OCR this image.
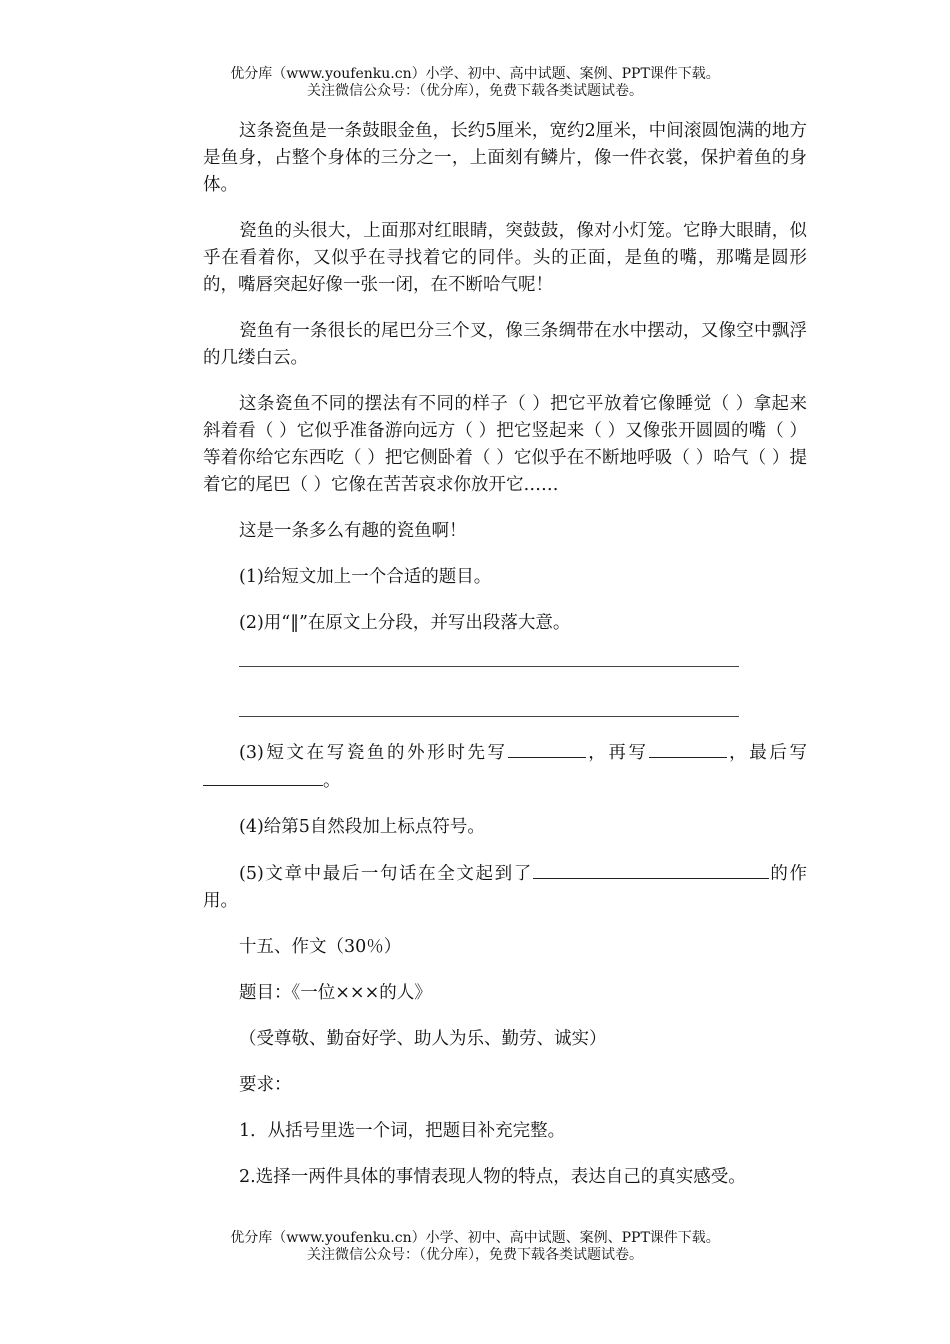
优分库（www.youfenku.cn）小学、初中、高中试题、案例、PPT课件下载。
关注微信公众号：（优分库），免费下载各类试题试卷。

这条瓷鱼是一条鼓眼金鱼，长约5厘米，宽约2厘米，中间滚圆饱满的地方是鱼身，占整个身体的三分之一，上面刻有鳞片，像一件衣裳，保护着鱼的身体。

瓷鱼的头很大，上面那对红眼睛，突鼓鼓，像对小灯笼。它睁大眼睛，似乎在看着你，又似乎在寻找着它的同伴。头的正面，是鱼的嘴，那嘴是圆形的，嘴唇突起好像一张一闭，在不断哈气呢！

瓷鱼有一条很长的尾巴分三个叉，像三条绸带在水中摆动，又像空中飘浮的几缕白云。

这条瓷鱼不同的摆法有不同的样子（ ）把它平放着它像睡觉（ ）拿起来斜着看（ ）它似乎准备游向远方（ ）把它竖起来（ ）又像张开圆圆的嘴（ ）等着你给它东西吃（ ）把它侧卧着（ ）它似乎在不断地呼吸（ ）哈气（ ）提着它的尾巴（ ）它像在苦苦哀求你放开它……

这是一条多么有趣的瓷鱼啊！

(1)给短文加上一个合适的题目。

(2)用“‖”在原文上分段，并写出段落大意。

(3)短文在写瓷鱼的外形时先写	，再写	，最后写。

(4)给第5自然段加上标点符号。

(5)文章中最后一句话在全文起到了	的作用。

十五、作文（30％）

题目：《一位×××的人》

（受尊敬、勤奋好学、助人为乐、勤劳、诚实）

要求：

1．从括号里选一个词，把题目补充完整。

2.选择一两件具体的事情表现人物的特点，表达自己的真实感受。

优分库（www.youfenku.cn）小学、初中、高中试题、案例、PPT课件下载。
关注微信公众号：（优分库），免费下载各类试题试卷。
